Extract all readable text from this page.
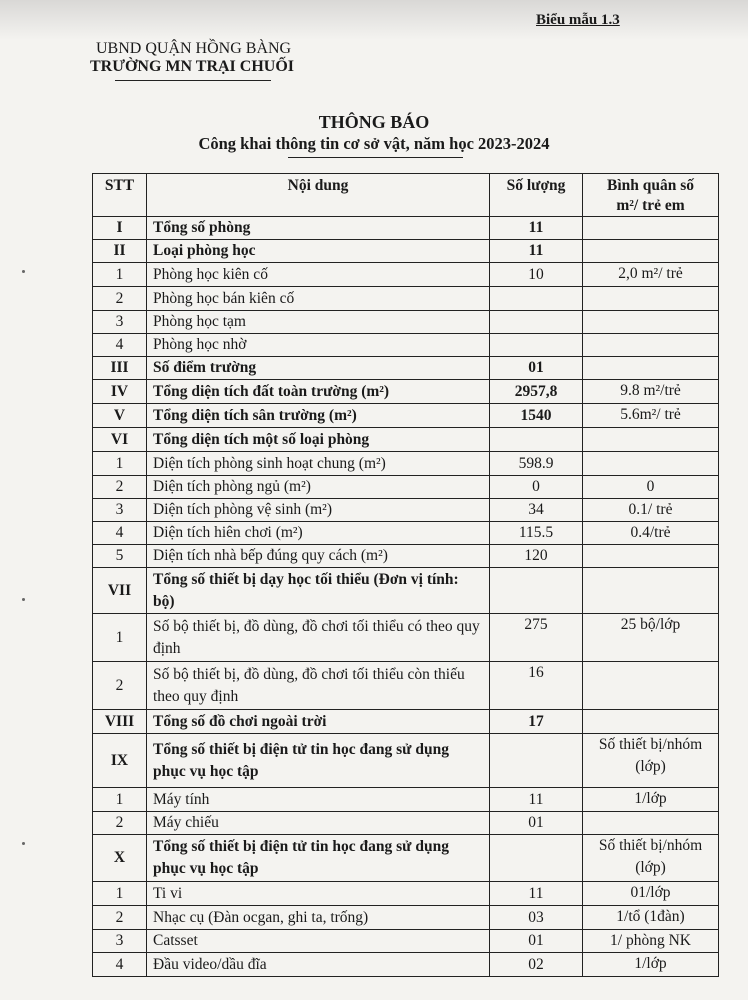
Biểu mẫu 1.3
UBND QUẬN HỒNG BÀNG
TRƯỜNG MN TRẠI CHUỐI
THÔNG BÁO
Công khai thông tin cơ sở vật, năm học 2023-2024
STT	Nội dung	Số lượng	Bình quân số m²/ trẻ em
I	Tổng số phòng	11	
II	Loại phòng học	11	
1	Phòng học kiên cố	10	2,0 m²/ trẻ
2	Phòng học bán kiên cố		
3	Phòng học tạm		
4	Phòng học nhờ		
III	Số điểm trường	01	
IV	Tổng diện tích đất toàn trường (m²)	2957,8	9.8 m²/trẻ
V	Tổng diện tích sân trường (m²)	1540	5.6m²/ trẻ
VI	Tổng diện tích một số loại phòng		
1	Diện tích phòng sinh hoạt chung (m²)	598.9	
2	Diện tích phòng ngủ (m²)	0	0
3	Diện tích phòng vệ sinh (m²)	34	0.1/ trẻ
4	Diện tích hiên chơi (m²)	115.5	0.4/trẻ
5	Diện tích nhà bếp đúng quy cách (m²)	120	
VII	Tổng số thiết bị dạy học tối thiểu (Đơn vị tính: bộ)		
1	Số bộ thiết bị, đồ dùng, đồ chơi tối thiểu có theo quy định	275	25 bộ/lớp
2	Số bộ thiết bị, đồ dùng, đồ chơi tối thiểu còn thiếu theo quy định	16	
VIII	Tổng số đồ chơi ngoài trời	17	
IX	Tổng số thiết bị điện tử tin học đang sử dụng phục vụ học tập		Số thiết bị/nhóm (lớp)
1	Máy tính	11	1/lớp
2	Máy chiếu	01	
X	Tổng số thiết bị điện tử tin học đang sử dụng phục vụ học tập		Số thiết bị/nhóm (lớp)
1	Ti vi	11	01/lớp
2	Nhạc cụ (Đàn ocgan, ghi ta, trống)	03	1/tổ (1đàn)
3	Catsset	01	1/ phòng NK
4	Đầu video/dầu đĩa	02	1/lớp
